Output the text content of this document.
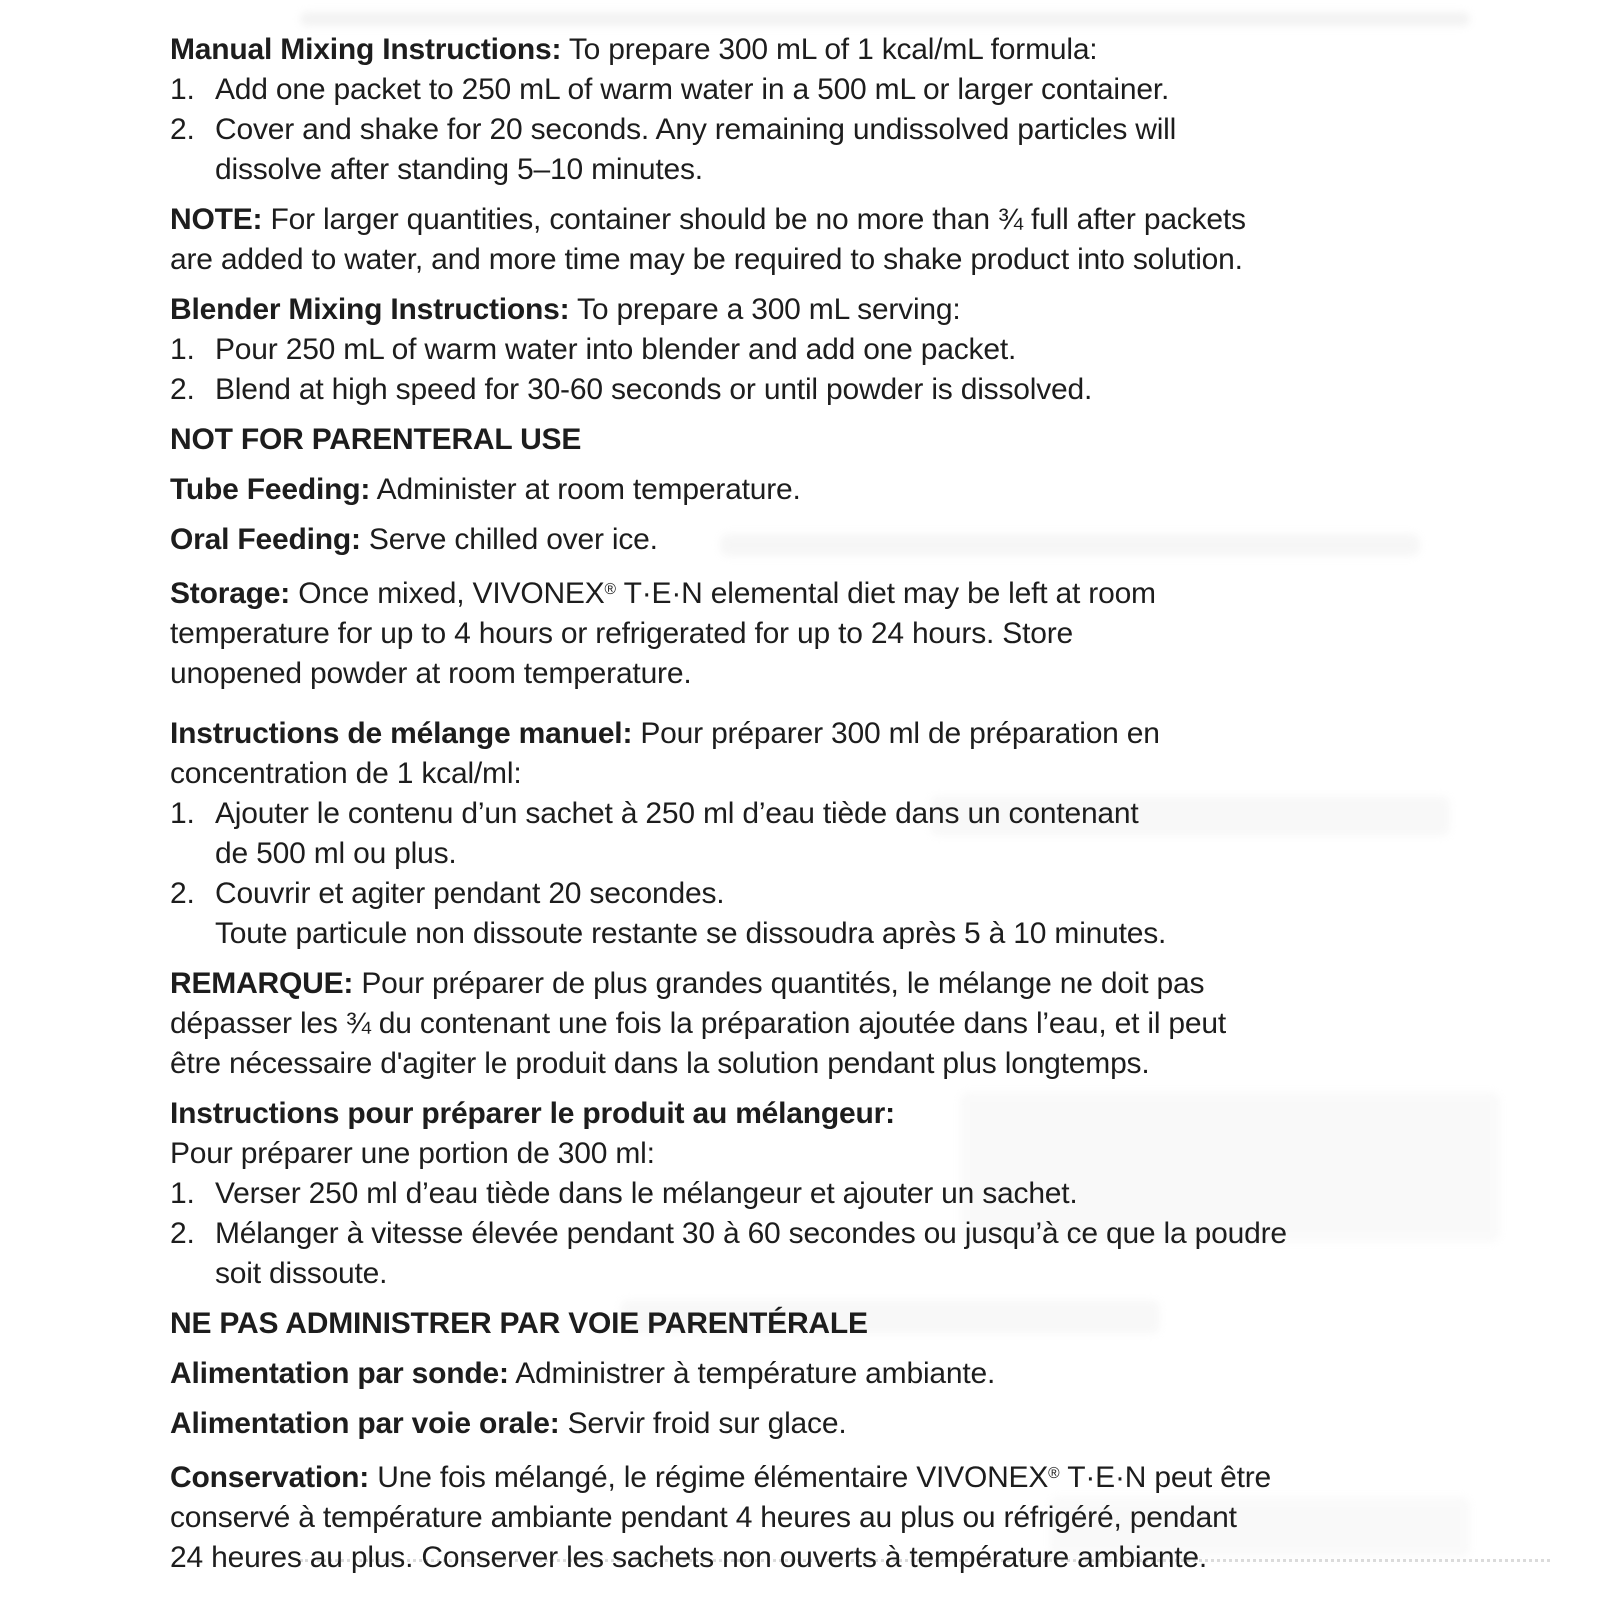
Manual Mixing Instructions: To prepare 300 mL of 1 kcal/mL formula:

1. Add one packet to 250 mL of warm water in a 500 mL or larger container.
2. Cover and shake for 20 seconds. Any remaining undissolved particles will
dissolve after standing 5–10 minutes.

NOTE: For larger quantities, container should be no more than ¾ full after packets
are added to water, and more time may be required to shake product into solution.

Blender Mixing Instructions: To prepare a 300 mL serving:

1. Pour 250 mL of warm water into blender and add one packet.
2. Blend at high speed for 30-60 seconds or until powder is dissolved.

NOT FOR PARENTERAL USE

Tube Feeding: Administer at room temperature.

Oral Feeding: Serve chilled over ice.

Storage: Once mixed, VIVONEX® T·E·N elemental diet may be left at room
temperature for up to 4 hours or refrigerated for up to 24 hours. Store
unopened powder at room temperature.

Instructions de mélange manuel: Pour préparer 300 ml de préparation en
concentration de 1 kcal/ml:

1. Ajouter le contenu d’un sachet à 250 ml d’eau tiède dans un contenant
de 500 ml ou plus.
2. Couvrir et agiter pendant 20 secondes.
Toute particule non dissoute restante se dissoudra après 5 à 10 minutes.

REMARQUE: Pour préparer de plus grandes quantités, le mélange ne doit pas
dépasser les ¾ du contenant une fois la préparation ajoutée dans l’eau, et il peut
être nécessaire d'agiter le produit dans la solution pendant plus longtemps.

Instructions pour préparer le produit au mélangeur:
Pour préparer une portion de 300 ml:

1. Verser 250 ml d’eau tiède dans le mélangeur et ajouter un sachet.
2. Mélanger à vitesse élevée pendant 30 à 60 secondes ou jusqu’à ce que la poudre
soit dissoute.

NE PAS ADMINISTRER PAR VOIE PARENTÉRALE

Alimentation par sonde: Administrer à température ambiante.

Alimentation par voie orale: Servir froid sur glace.

Conservation: Une fois mélangé, le régime élémentaire VIVONEX® T·E·N peut être
conservé à température ambiante pendant 4 heures au plus ou réfrigéré, pendant
24 heures au plus. Conserver les sachets non ouverts à température ambiante.
